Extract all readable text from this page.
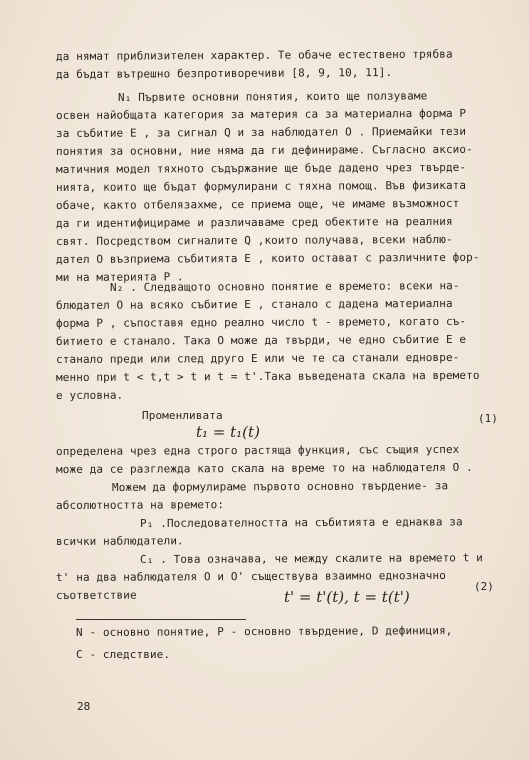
да нямат приблизителен характер. Те обаче естествено трябва
да бъдат вътрешно безпротиворечиви [8, 9, 10, 11].
N₁ Първите основни понятия, които ще ползуваме
освен найобщата категория за материя са за материална форма P
за събитие E , за сигнал Q и за наблюдател O . Приемайки тези
понятия за основни, ние няма да ги дефинираме. Съгласно аксио-
матичния модел тяхното съдържание ще бъде дадено чрез твърде-
нията, които ще бъдат формулирани с тяхна помощ. Във физиката
обаче, както отбелязахме, се приема още, че имаме възможност
да ги идентифицираме и различаваме сред обектите на реалния
свят. Посредством сигналите Q ,които получава, всеки наблю-
дател O възприема събитията E , които остават с различните фор-
ми на материята P .
N₂ . Следващото основно понятие е времето: всеки на-
блюдател O на всяко събитие E , станало с дадена материална
форма P , съпоставя едно реално число t - времето, когато съ-
битието е станало. Така O може да твърди, че едно събитие E е
станало преди или след друго E или че те са станали едновре-
менно при t < t,t > t и t = t'.Така въведената скала на времето
е условна.
Променливата
t₁ = t₁(t)
(1)
определена чрез една строго растяща функция, със същия успех
може да се разглежда като скала на време то на наблюдателя O .
Можем да формулираме първото основно твърдение- за
абсолютността на времето:
P₁ .Последователността на събитията е еднаква за
всички наблюдатели.
C₁ . Това означава, че между скалите на времето t и
t' на два наблюдателя O и O' съществува взаимно еднозначно
съответствие	t' = t'(t), t = t(t')
(2)
N - основно понятие, P - основно твърдение, D дефиниция,
C - следствие.
28
